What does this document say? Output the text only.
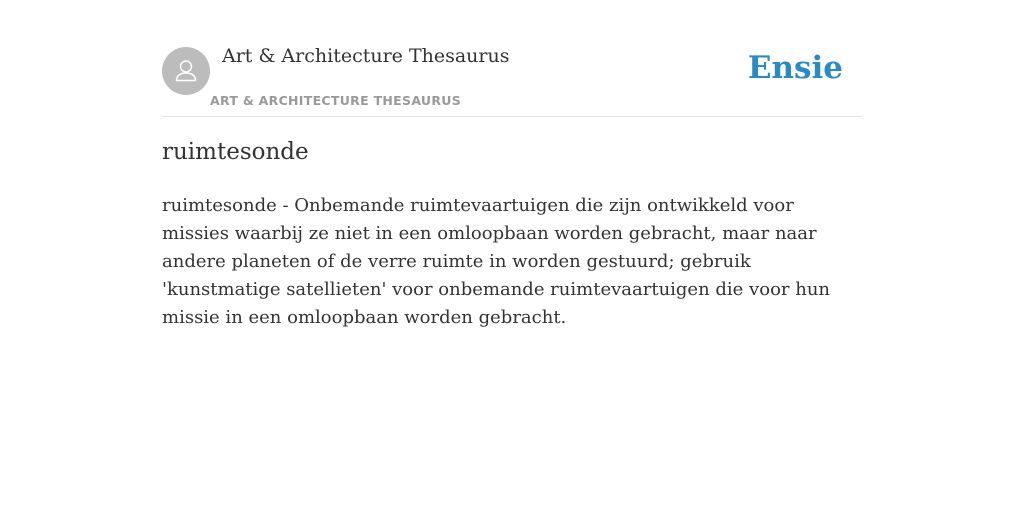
Art & Architecture Thesaurus
ART & ARCHITECTURE THESAURUS
Ensie
ruimtesonde

ruimtesonde - Onbemande ruimtevaartuigen die zijn ontwikkeld voor missies waarbij ze niet in een omloopbaan worden gebracht, maar naar andere planeten of de verre ruimte in worden gestuurd; gebruik 'kunstmatige satellieten' voor onbemande ruimtevaartuigen die voor hun missie in een omloopbaan worden gebracht.
